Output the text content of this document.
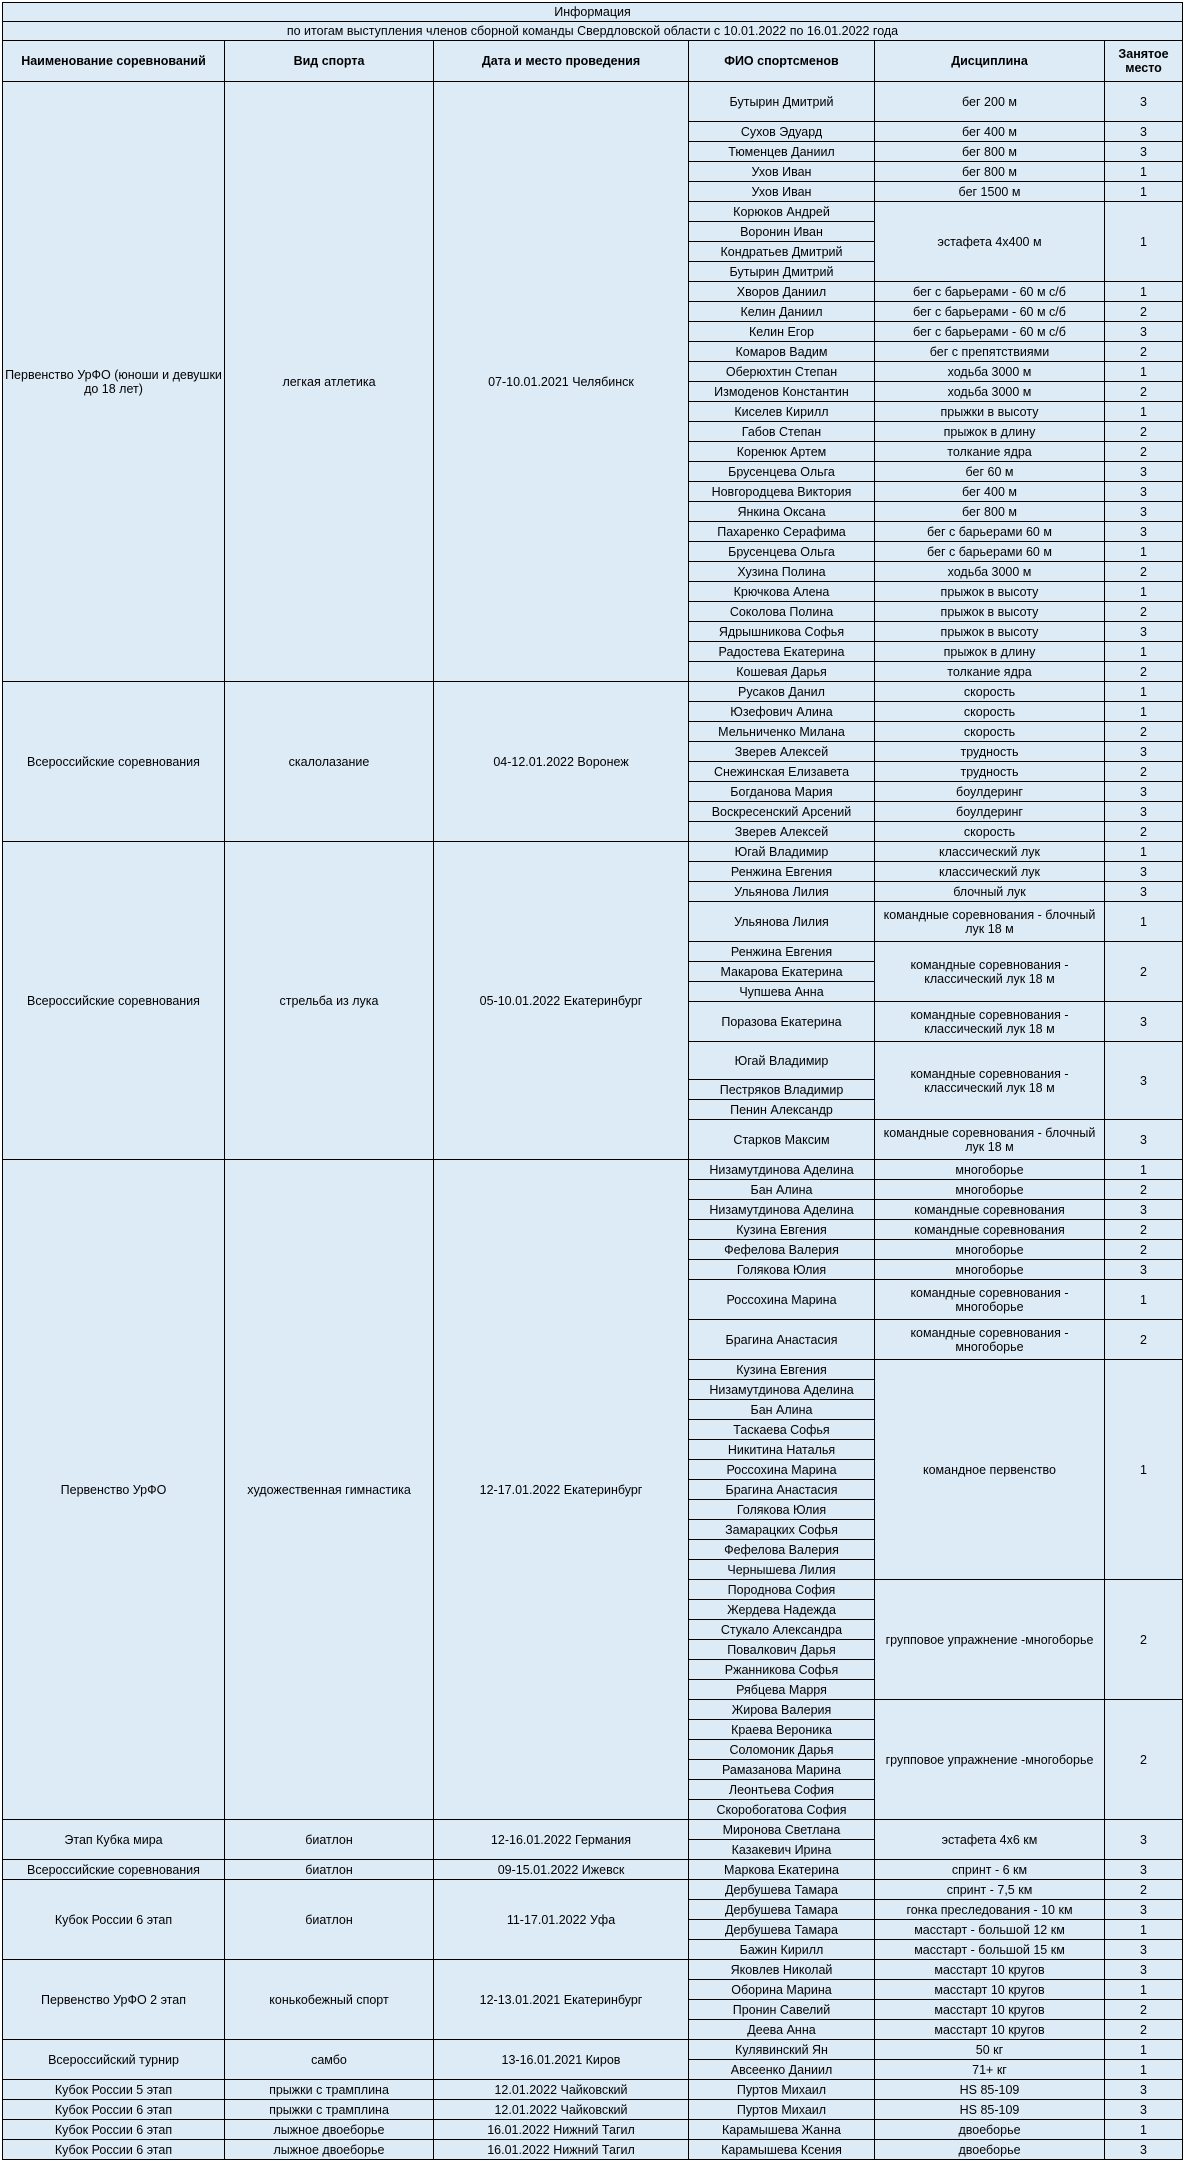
Информация					
по итогам выступления членов сборной команды Свердловской области с 10.01.2022 по 16.01.2022 года					
Наименование соревнований	Вид спорта	Дата и место проведения	ФИО спортсменов	Дисциплина	Занятое место
Первенство УрФО (юноши и девушки до 18 лет)	легкая атлетика	07-10.01.2021 Челябинск	Бутырин Дмитрий	бег 200 м	3
			Сухов Эдуард	бег 400 м	3
			Тюменцев Даниил	бег 800 м	3
			Ухов Иван	бег 800 м	1
			Ухов Иван	бег 1500 м	1
			Корюков Андрей	эстафета 4х400 м	1
			Воронин Иван		
			Кондратьев Дмитрий		
			Бутырин Дмитрий		
			Хворов Даниил	бег с барьерами - 60 м с/б	1
			Келин Даниил	бег с барьерами - 60 м с/б	2
			Келин Егор	бег с барьерами - 60 м с/б	3
			Комаров Вадим	бег с препятствиями	2
			Оберюхтин Степан	ходьба 3000 м	1
			Измоденов Константин	ходьба 3000 м	2
			Киселев Кирилл	прыжки в высоту	1
			Габов Степан	прыжок в длину	2
			Коренюк Артем	толкание ядра	2
			Брусенцева Ольга	бег 60 м	3
			Новгородцева Виктория	бег 400 м	3
			Янкина Оксана	бег 800 м	3
			Пахаренко Серафима	бег с барьерами 60 м	3
			Брусенцева Ольга	бег с барьерами 60 м	1
			Хузина Полина	ходьба 3000 м	2
			Крючкова Алена	прыжок в высоту	1
			Соколова Полина	прыжок в высоту	2
			Ядрышникова Софья	прыжок в высоту	3
			Радостева Екатерина	прыжок в длину	1
			Кошевая Дарья	толкание ядра	2
Всероссийские соревнования	скалолазание	04-12.01.2022 Воронеж	Русаков Данил	скорость	1
			Юзефович Алина	скорость	1
			Мельниченко Милана	скорость	2
			Зверев Алексей	трудность	3
			Снежинская Елизавета	трудность	2
			Богданова Мария	боулдеринг	3
			Воскресенский Арсений	боулдеринг	3
			Зверев Алексей	скорость	2
Всероссийские соревнования	стрельба из лука	05-10.01.2022 Екатеринбург	Югай Владимир	классический лук	1
			Ренжина Евгения	классический лук	3
			Ульянова Лилия	блочный лук	3
			Ульянова Лилия	командные соревнования - блочный лук 18 м	1
			Ренжина Евгения	командные соревнования - классический лук 18 м	2
			Макарова Екатерина		
			Чупшева Анна		
			Поразова Екатерина	командные соревнования - классический лук 18 м	3
			Югай Владимир	командные соревнования - классический лук 18 м	3
			Пестряков Владимир		
			Пенин Александр		
			Старков Максим	командные соревнования - блочный лук 18 м	3
Первенство УрФО	художественная гимнастика	12-17.01.2022 Екатеринбург	Низамутдинова Аделина	многоборье	1
			Бан Алина	многоборье	2
			Низамутдинова Аделина	командные соревнования	3
			Кузина Евгения	командные соревнования	2
			Фефелова Валерия	многоборье	2
			Голякова Юлия	многоборье	3
			Россохина Марина	командные соревнования - многоборье	1
			Брагина Анастасия	командные соревнования - многоборье	2
			Кузина Евгения	командное первенство	1
			Низамутдинова Аделина		
			Бан Алина		
			Таскаева Софья		
			Никитина Наталья		
			Россохина Марина		
			Брагина Анастасия		
			Голякова Юлия		
			Замарацких Софья		
			Фефелова Валерия		
			Чернышева Лилия		
			Породнова София	групповое упражнение -многоборье	2
			Жердева Надежда		
			Стукало Александра		
			Повалкович Дарья		
			Ржанникова Софья		
			Рябцева Марря		
			Жирова Валерия	групповое упражнение -многоборье	2
			Краева Вероника		
			Соломоник Дарья		
			Рамазанова Марина		
			Леонтьева София		
			Скоробогатова София		
Этап Кубка мира	биатлон	12-16.01.2022 Германия	Миронова Светлана	эстафета 4х6 км	3
			Казакевич Ирина		
Всероссийские соревнования	биатлон	09-15.01.2022 Ижевск	Маркова Екатерина	спринт - 6 км	3
Кубок России 6 этап	биатлон	11-17.01.2022 Уфа	Дербушева Тамара	спринт - 7,5 км	2
			Дербушева Тамара	гонка преследования - 10 км	3
			Дербушева Тамара	масстарт - большой 12 км	1
			Бажин Кирилл	масстарт - большой 15 км	3
Первенство УрФО 2 этап	конькобежный спорт	12-13.01.2021 Екатеринбург	Яковлев Николай	масстарт 10 кругов	3
			Оборина Марина	масстарт 10 кругов	1
			Пронин Савелий	масстарт 10 кругов	2
			Деева Анна	масстарт 10 кругов	2
Всероссийский турнир	самбо	13-16.01.2021 Киров	Кулявинский Ян	50 кг	1
			Авсеенко Даниил	71+ кг	1
Кубок России 5 этап	прыжки с трамплина	12.01.2022 Чайковский	Пуртов Михаил	HS 85-109	3
Кубок России 6 этап	прыжки с трамплина	12.01.2022 Чайковский	Пуртов Михаил	HS 85-109	3
Кубок России 6 этап	лыжное двоеборье	16.01.2022 Нижний Тагил	Карамышева Жанна	двоеборье	1
Кубок России 6 этап	лыжное двоеборье	16.01.2022 Нижний Тагил	Карамышева Ксения	двоеборье	3
